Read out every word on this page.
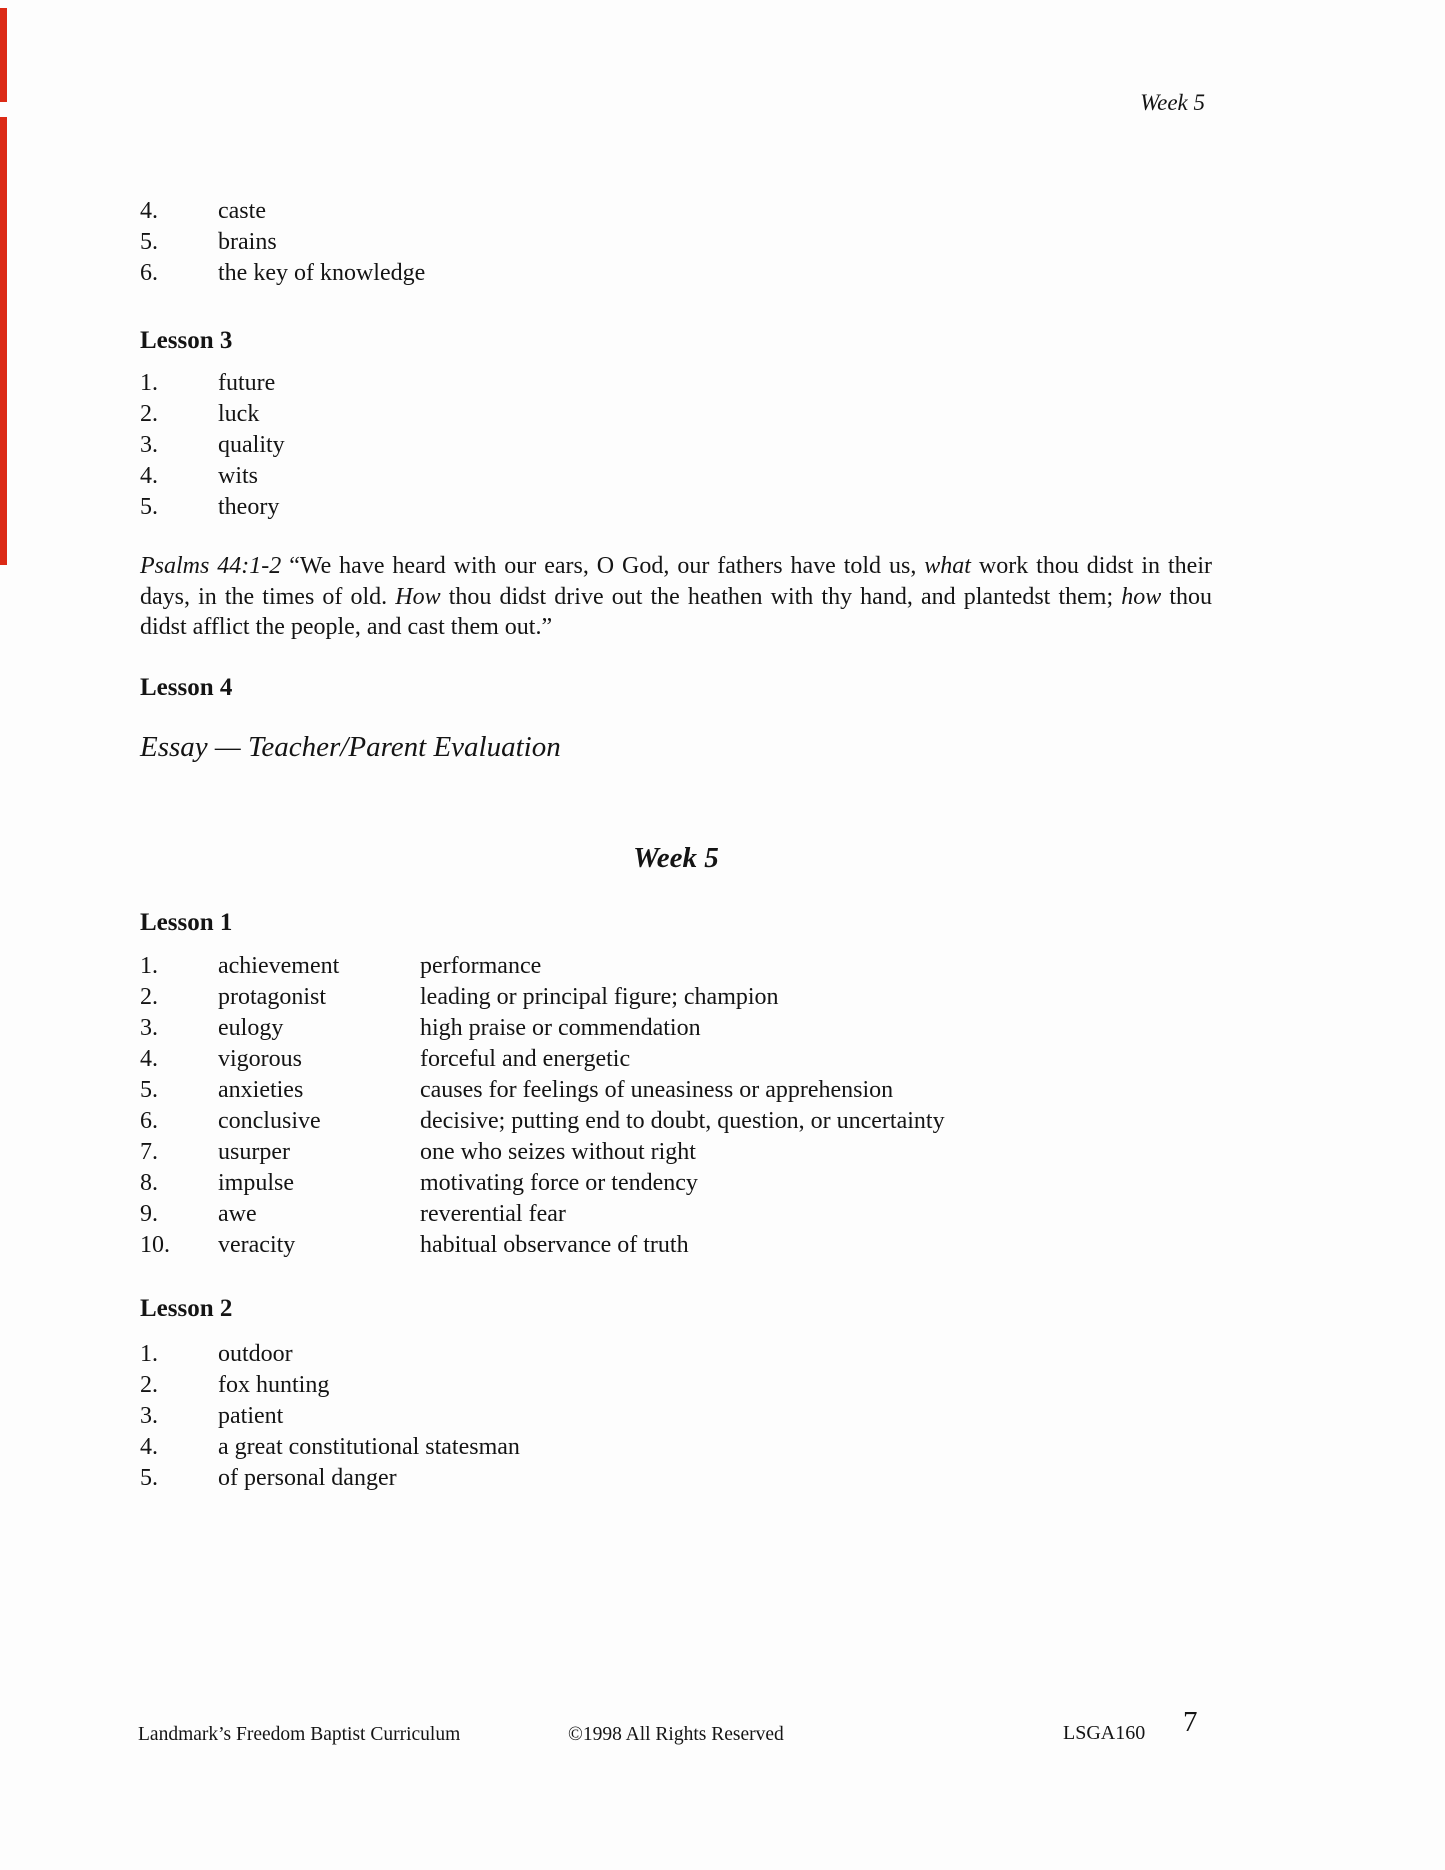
Week 5
4.	caste
5.	brains
6.	the key of knowledge
Lesson 3
1.	future
2.	luck
3.	quality
4.	wits
5.	theory

Psalms 44:1-2 “We have heard with our ears, O God, our fathers have told us, what work thou didst in their days, in the times of old. How thou didst drive out the heathen with thy hand, and plantedst them; how thou didst afflict the people, and cast them out.”

Lesson 4
Essay — Teacher/Parent Evaluation
Week 5
Lesson 1
1.	achievement	performance
2.	protagonist	leading or principal figure; champion
3.	eulogy	high praise or commendation
4.	vigorous	forceful and energetic
5.	anxieties	causes for feelings of uneasiness or apprehension
6.	conclusive	decisive; putting end to doubt, question, or uncertainty
7.	usurper	one who seizes without right
8.	impulse	motivating force or tendency
9.	awe	reverential fear
10.	veracity	habitual observance of truth
Lesson 2
1.	outdoor
2.	fox hunting
3.	patient
4.	a great constitutional statesman
5.	of personal danger
Landmark’s Freedom Baptist Curriculum	©1998 All Rights Reserved	LSGA160 7
